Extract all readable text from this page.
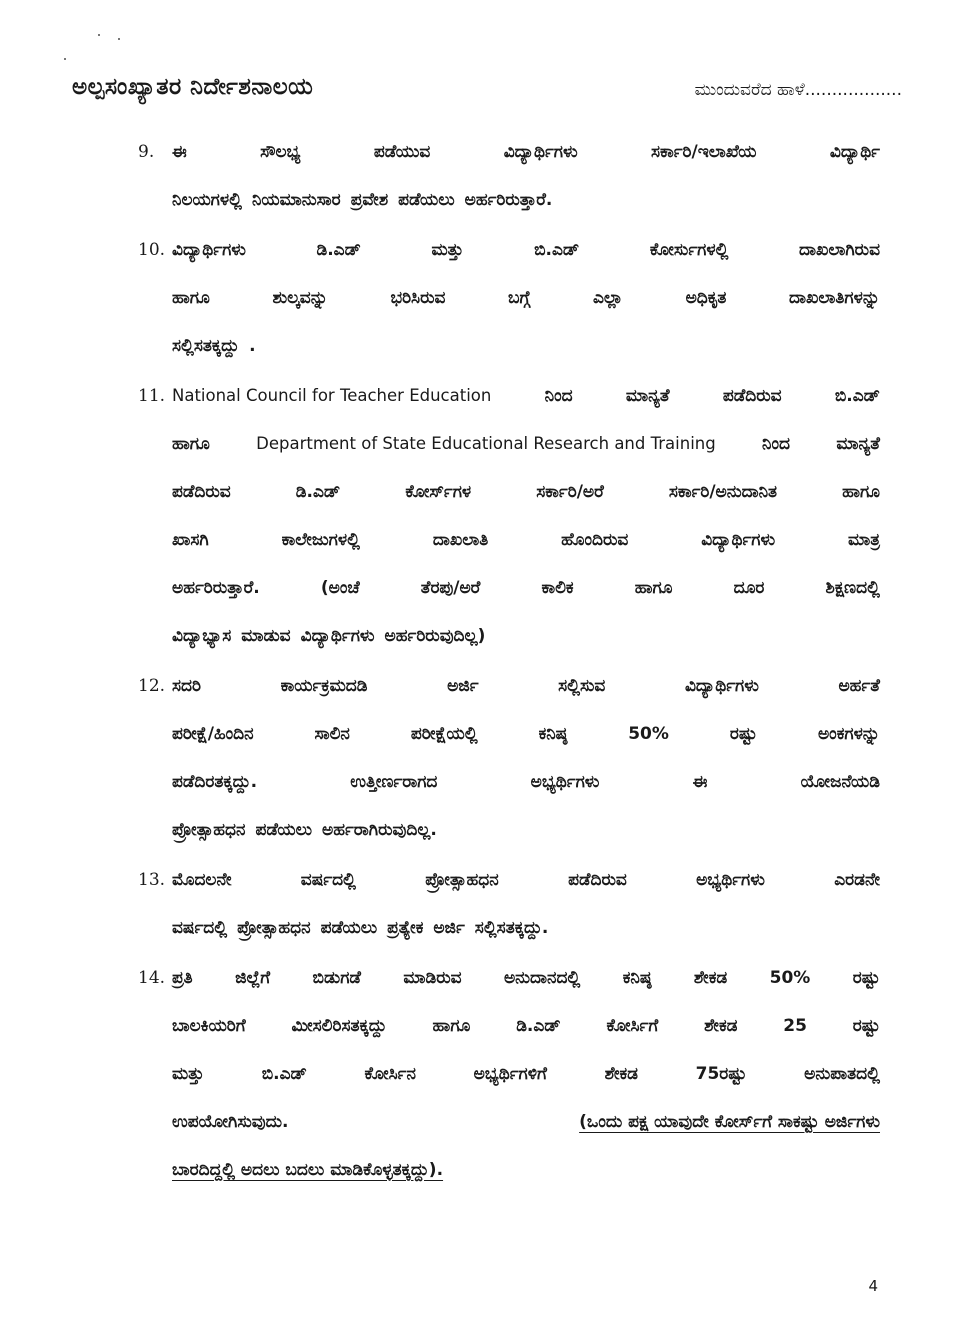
ಅಲ್ಪಸಂಖ್ಯಾತರ ನಿರ್ದೇಶನಾಲಯ	ಮುಂದುವರೆದ ಹಾಳೆ..................
9.	ಈ	ಸೌಲಭ್ಯ	ಪಡೆಯುವ	ವಿದ್ಯಾರ್ಥಿಗಳು	ಸರ್ಕಾರಿ/ಇಲಾಖೆಯ	ವಿದ್ಯಾರ್ಥಿ
ನಿಲಯಗಳಲ್ಲಿ ನಿಯಮಾನುಸಾರ ಪ್ರವೇಶ ಪಡೆಯಲು ಅರ್ಹರಿರುತ್ತಾರೆ.
10. ವಿದ್ಯಾರ್ಥಿಗಳು	ಡಿ.ಎಡ್	ಮತ್ತು	ಬಿ.ಎಡ್	ಕೋರ್ಸುಗಳಲ್ಲಿ	ದಾಖಲಾಗಿರುವ
ಹಾಗೂ	ಶುಲ್ಕವನ್ನು	ಭರಿಸಿರುವ	ಬಗ್ಗೆ	ಎಲ್ಲಾ	ಅಧಿಕೃತ	ದಾಖಲಾತಿಗಳನ್ನು
ಸಲ್ಲಿಸತಕ್ಕದ್ದು .
11. National Council for Teacher Education	ನಿಂದ	ಮಾನ್ಯತೆ	ಪಡೆದಿರುವ	ಬಿ.ಎಡ್
ಹಾಗೂ	Department of State Educational Research and Training	ನಿಂದ	ಮಾನ್ಯತೆ
ಪಡೆದಿರುವ	ಡಿ.ಎಡ್	ಕೋರ್ಸ್‌ಗಳ	ಸರ್ಕಾರಿ/ಅರೆ	ಸರ್ಕಾರಿ/ಅನುದಾನಿತ	ಹಾಗೂ
ಖಾಸಗಿ	ಕಾಲೇಜುಗಳಲ್ಲಿ	ದಾಖಲಾತಿ	ಹೊಂದಿರುವ	ವಿದ್ಯಾರ್ಥಿಗಳು	ಮಾತ್ರ
ಅರ್ಹರಿರುತ್ತಾರೆ.	(ಅಂಚೆ	ತೆರಪು/ಅರೆ	ಕಾಲಿಕ	ಹಾಗೂ	ದೂರ	ಶಿಕ್ಷಣದಲ್ಲಿ
ವಿದ್ಯಾಭ್ಯಾಸ ಮಾಡುವ ವಿದ್ಯಾರ್ಥಿಗಳು ಅರ್ಹರಿರುವುದಿಲ್ಲ)
12. ಸದರಿ	ಕಾರ್ಯಕ್ರಮದಡಿ	ಅರ್ಜಿ	ಸಲ್ಲಿಸುವ	ವಿದ್ಯಾರ್ಥಿಗಳು	ಅರ್ಹತೆ
ಪರೀಕ್ಷೆ/ಹಿಂದಿನ	ಸಾಲಿನ	ಪರೀಕ್ಷೆಯಲ್ಲಿ	ಕನಿಷ್ಠ	50%	ರಷ್ಟು	ಅಂಕಗಳನ್ನು
ಪಡೆದಿರತಕ್ಕದ್ದು.	ಉತ್ತೀರ್ಣರಾಗದ	ಅಭ್ಯರ್ಥಿಗಳು	ಈ	ಯೋಜನೆಯಡಿ
ಪ್ರೋತ್ಸಾಹಧನ ಪಡೆಯಲು ಅರ್ಹರಾಗಿರುವುದಿಲ್ಲ.
13. ಮೊದಲನೇ	ವರ್ಷದಲ್ಲಿ	ಪ್ರೋತ್ಸಾಹಧನ	ಪಡೆದಿರುವ	ಅಭ್ಯರ್ಥಿಗಳು	ಎರಡನೇ
ವರ್ಷದಲ್ಲಿ ಪ್ರೋತ್ಸಾಹಧನ ಪಡೆಯಲು ಪ್ರತ್ಯೇಕ ಅರ್ಜಿ ಸಲ್ಲಿಸತಕ್ಕದ್ದು.
14. ಪ್ರತಿ ಜಿಲ್ಲೆಗೆ ಬಿಡುಗಡೆ ಮಾಡಿರುವ ಅನುದಾನದಲ್ಲಿ ಕನಿಷ್ಠ ಶೇಕಡ 50% ರಷ್ಟು
ಬಾಲಕಿಯರಿಗೆ	ಮೀಸಲಿರಿಸತಕ್ಕದ್ದು	ಹಾಗೂ	ಡಿ.ಎಡ್	ಕೋರ್ಸಿಗೆ	ಶೇಕಡ	25	ರಷ್ಟು
ಮತ್ತು	ಬಿ.ಎಡ್	ಕೋರ್ಸಿನ	ಅಭ್ಯರ್ಥಿಗಳಿಗೆ	ಶೇಕಡ	75ರಷ್ಟು	ಅನುಪಾತದಲ್ಲಿ
ಉಪಯೋಗಿಸುವುದು.	(ಒಂದು ಪಕ್ಷ ಯಾವುದೇ ಕೋರ್ಸ್‌ಗೆ ಸಾಕಷ್ಟು ಅರ್ಜಿಗಳು
ಬಾರದಿದ್ದಲ್ಲಿ ಅದಲು ಬದಲು ಮಾಡಿಕೊಳ್ಳತಕ್ಕದ್ದು).
4
